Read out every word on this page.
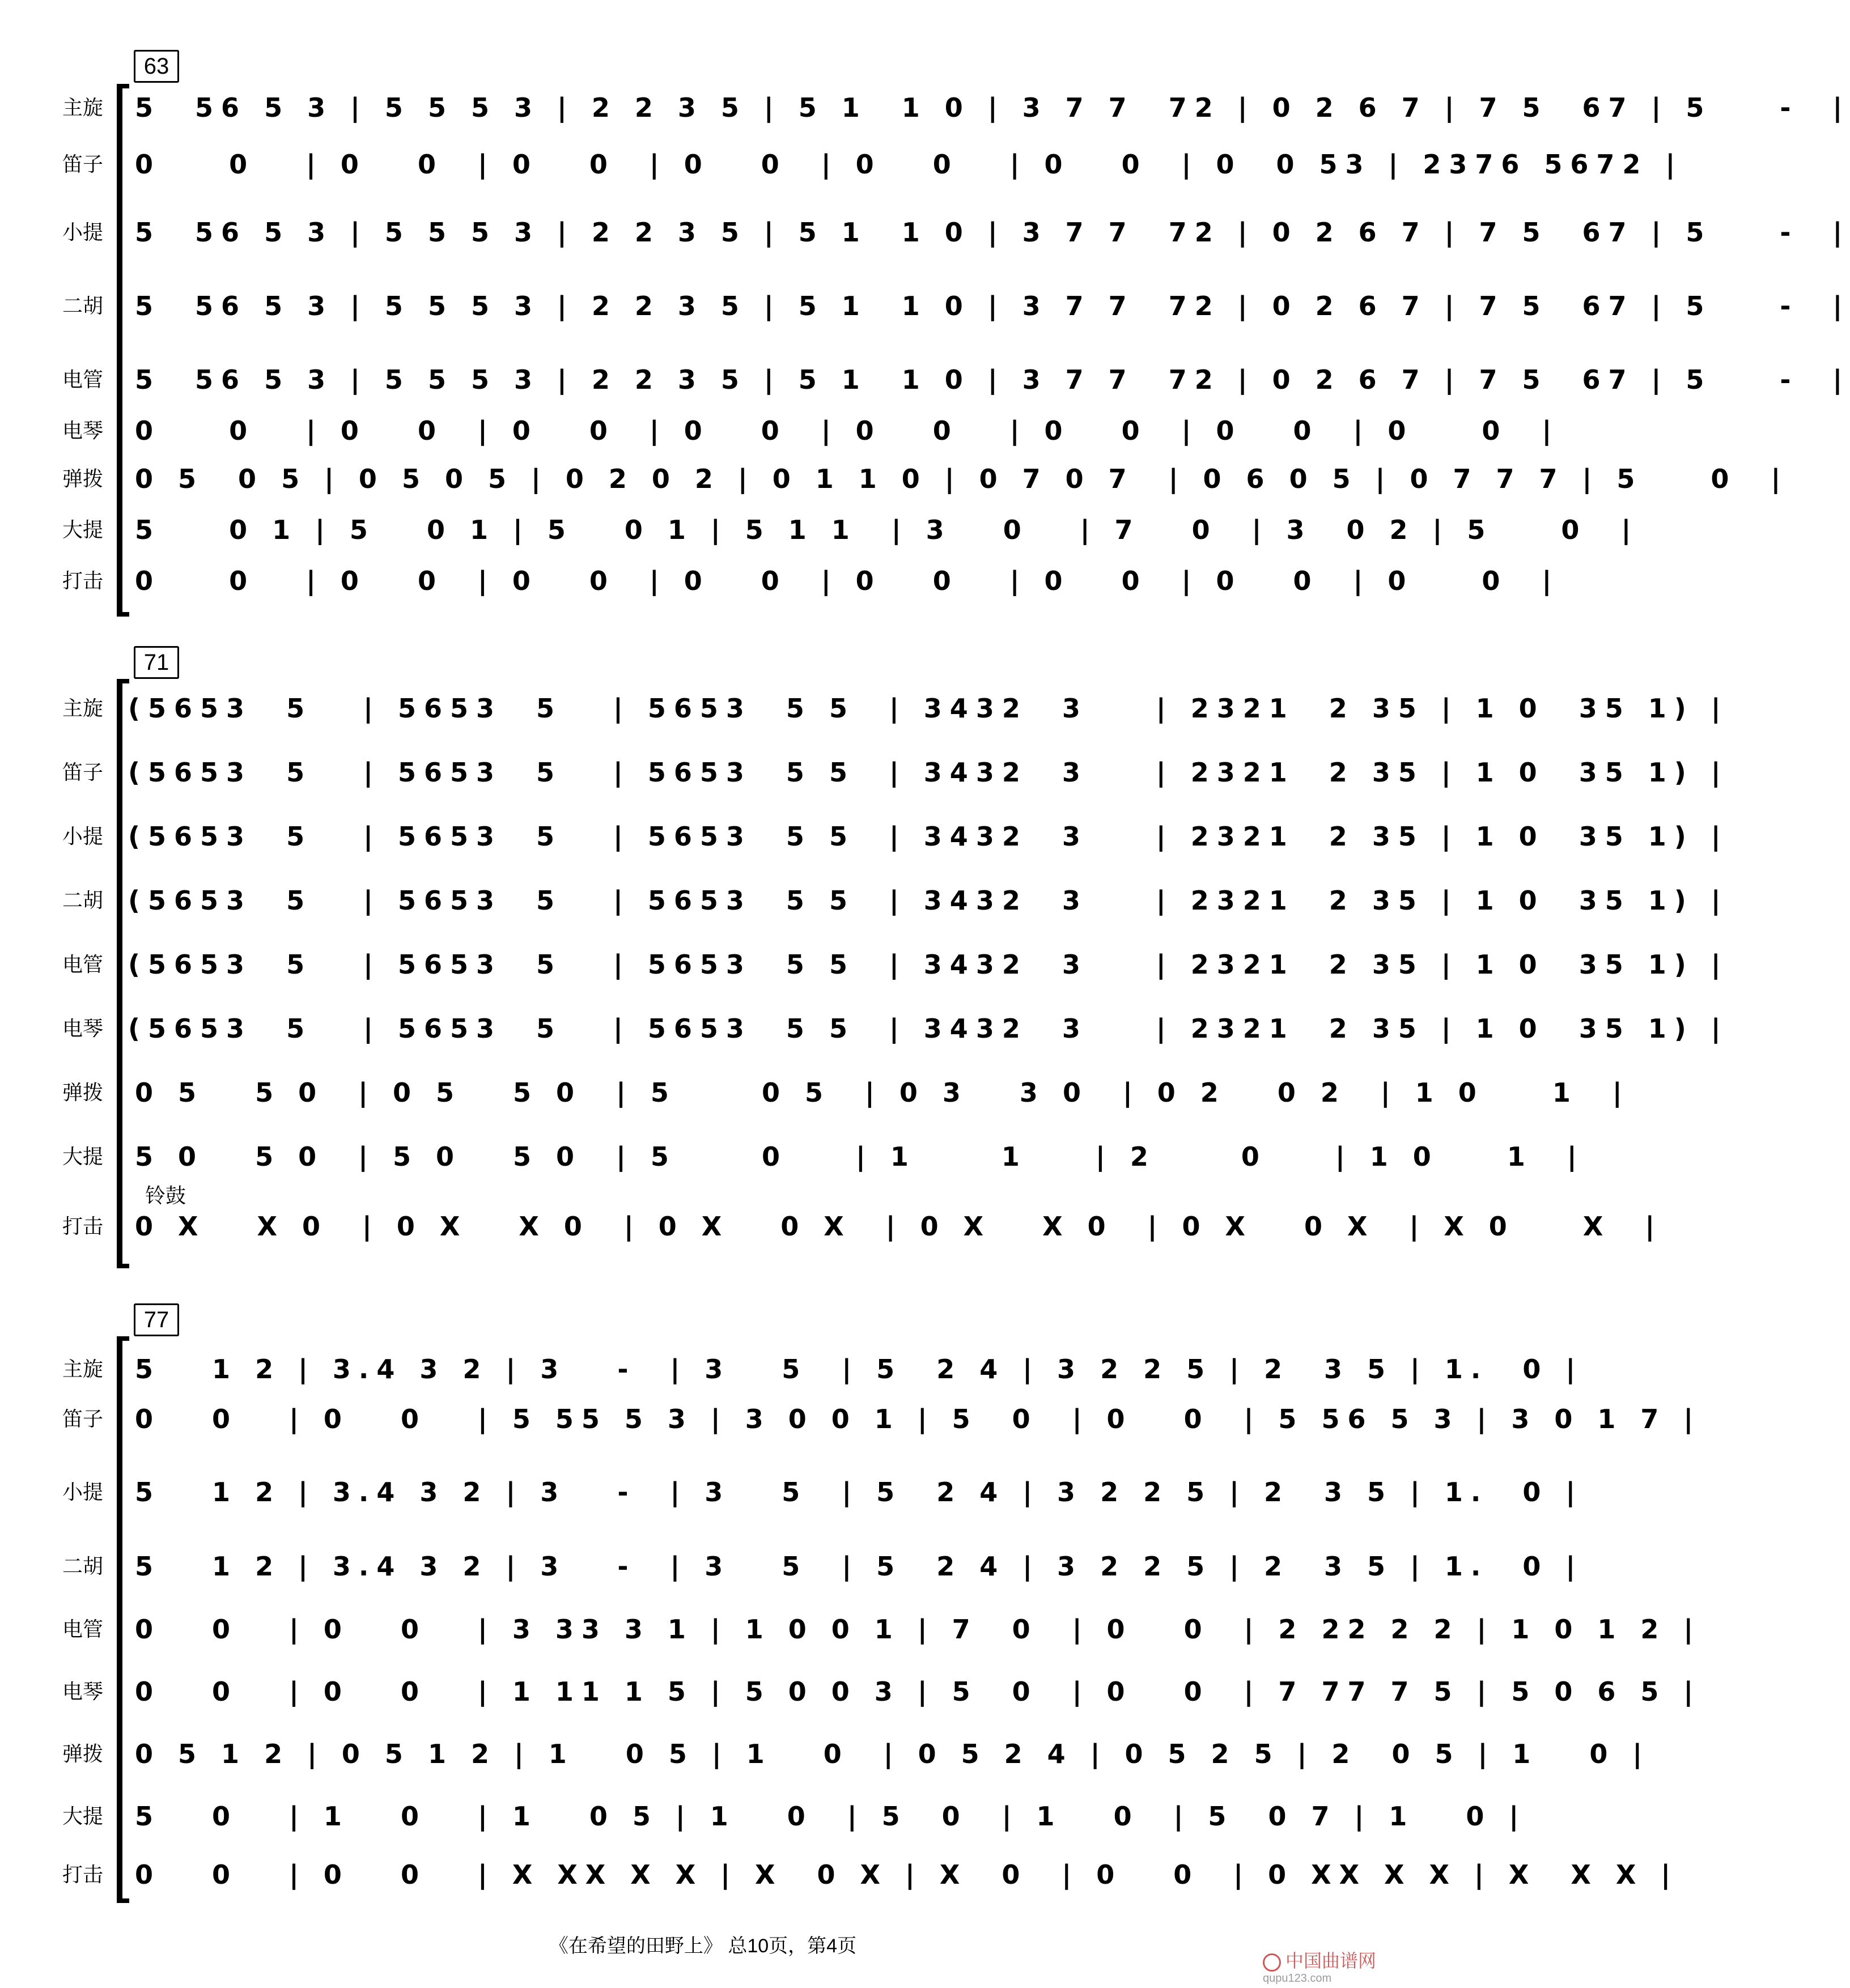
63
主旋	5  56 5 3 | 5 5 5 3 | 2 2 3 5 | 5 1  1 0 | 3 7 7  72 | 0 2 6 7 | 7 5  67 | 5    -  |
笛子	0    0   | 0   0  | 0   0  | 0   0  | 0   0   | 0   0  | 0  0 53 | 2376 5672 |
小提	5  56 5 3 | 5 5 5 3 | 2 2 3 5 | 5 1  1 0 | 3 7 7  72 | 0 2 6 7 | 7 5  67 | 5    -  |
二胡	5  56 5 3 | 5 5 5 3 | 2 2 3 5 | 5 1  1 0 | 3 7 7  72 | 0 2 6 7 | 7 5  67 | 5    -  |
电管	5  56 5 3 | 5 5 5 3 | 2 2 3 5 | 5 1  1 0 | 3 7 7  72 | 0 2 6 7 | 7 5  67 | 5    -  |
电琴	0    0   | 0   0  | 0   0  | 0   0  | 0   0   | 0   0  | 0   0  | 0    0  |
弹拨	0 5  0 5 | 0 5 0 5 | 0 2 0 2 | 0 1 1 0 | 0 7 0 7  | 0 6 0 5 | 0 7 7 7 | 5    0  |
大提	5    0 1 | 5   0 1 | 5   0 1 | 5 1 1  | 3   0   | 7   0  | 3  0 2 | 5    0  |
打击	0    0   | 0   0  | 0   0  | 0   0  | 0   0   | 0   0  | 0   0  | 0    0  |
71
主旋 (5653  5   | 5653  5   | 5653  5 5  | 3432  3    | 2321  2 35 | 1 0  35 1) |
笛子 (5653  5   | 5653  5   | 5653  5 5  | 3432  3    | 2321  2 35 | 1 0  35 1) |
小提 (5653  5   | 5653  5   | 5653  5 5  | 3432  3    | 2321  2 35 | 1 0  35 1) |
二胡 (5653  5   | 5653  5   | 5653  5 5  | 3432  3    | 2321  2 35 | 1 0  35 1) |
电管 (5653  5   | 5653  5   | 5653  5 5  | 3432  3    | 2321  2 35 | 1 0  35 1) |
电琴 (5653  5   | 5653  5   | 5653  5 5  | 3432  3    | 2321  2 35 | 1 0  35 1) |
弹拨	0 5   5 0  | 0 5   5 0  | 5     0 5  | 0 3   3 0  | 0 2   0 2  | 1 0    1  |
大提	5 0   5 0  | 5 0   5 0  | 5     0    | 1     1    | 2     0    | 1 0    1  |
铃鼓
打击	0 X   X 0  | 0 X   X 0  | 0 X   0 X  | 0 X   X 0  | 0 X   0 X  | X 0    X  |
77
主旋	5   1 2 | 3.4 3 2 | 3   -  | 3   5  | 5  2 4 | 3 2 2 5 | 2  3 5 | 1.  0 |
笛子	0   0   | 0   0   | 5 55 5 3 | 3 0 0 1 | 5  0  | 0   0  | 5 56 5 3 | 3 0 1 7 |
小提	5   1 2 | 3.4 3 2 | 3   -  | 3   5  | 5  2 4 | 3 2 2 5 | 2  3 5 | 1.  0 |
二胡	5   1 2 | 3.4 3 2 | 3   -  | 3   5  | 5  2 4 | 3 2 2 5 | 2  3 5 | 1.  0 |
电管	0   0   | 0   0   | 3 33 3 1 | 1 0 0 1 | 7  0  | 0   0  | 2 22 2 2 | 1 0 1 2 |
电琴	0   0   | 0   0   | 1 11 1 5 | 5 0 0 3 | 5  0  | 0   0  | 7 77 7 5 | 5 0 6 5 |
弹拨	0 5 1 2 | 0 5 1 2 | 1   0 5 | 1   0  | 0 5 2 4 | 0 5 2 5 | 2  0 5 | 1   0 |
大提	5   0   | 1   0   | 1   0 5 | 1   0  | 5  0  | 1   0  | 5  0 7 | 1   0 |
打击	0   0   | 0   0   | X XX X X | X  0 X | X  0  | 0   0  | 0 XX X X | X  X X |
《在希望的田野上》 总10页，第4页
中国曲谱网
qupu123.com
